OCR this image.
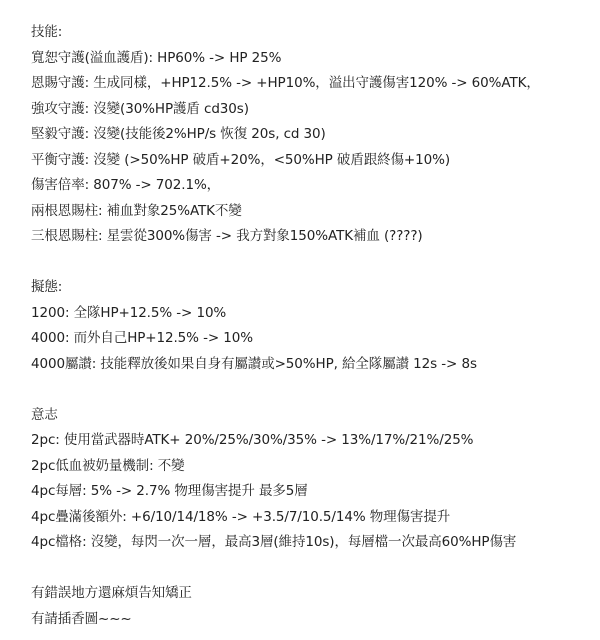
技能:
寬恕守護(溢血護盾): HP60% -> HP 25%
恩賜守護: 生成同樣，+HP12.5% -> +HP10%，溢出守護傷害120% -> 60%ATK，
強攻守護: 沒變(30%HP護盾 cd30s)
堅毅守護: 沒變(技能後2%HP/s 恢復 20s, cd 30)
平衡守護: 沒變 (>50%HP 破盾+20%，<50%HP 破盾跟終傷+10%)
傷害倍率: 807% -> 702.1%，
兩根恩賜柱: 補血對象25%ATK不變
三根恩賜柱: 星雲從300%傷害 -> 我方對象150%ATK補血 (????)
擬態:
1200: 全隊HP+12.5% -> 10%
4000: 而外自己HP+12.5% -> 10%
4000屬讃: 技能釋放後如果自身有屬讃或>50%HP, 給全隊屬讃 12s -> 8s
意志
2pc: 使用當武器時ATK+ 20%/25%/30%/35% -> 13%/17%/21%/25%
2pc低血被奶量機制: 不變
4pc每層: 5% -> 2.7% 物理傷害提升 最多5層
4pc疊滿後額外: +6/10/14/18% -> +3.5/7/10.5/14% 物理傷害提升
4pc檔格: 沒變，每閃一次一層，最高3層(維持10s)，每層檔一次最高60%HP傷害
有錯誤地方還麻煩告知矯正
有請插香圖~~~
